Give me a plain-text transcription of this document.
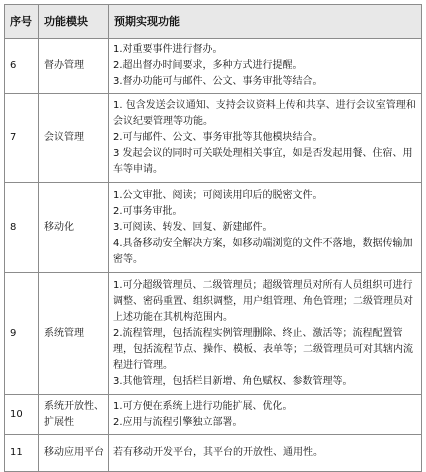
序号	功能模块	预期实现功能
6	督办管理	1.对重要事件进行督办。
2.超出督办时间要求，多种方式进行提醒。
3.督办功能可与邮件、公文、事务审批等结合。

7	会议管理	1. 包含发送会议通知、支持会议资料上传和共享、进行会议室管理和会议纪要管理等功能。
2.可与邮件、公文、事务审批等其他模块结合。
3 发起会议的同时可关联处理相关事宜，如是否发起用餐、住宿、用车等申请。

8	移动化	1.公文审批、阅读；可阅读用印后的脱密文件。
2.可事务审批。
3.可阅读、转发、回复、新建邮件。
4.具备移动安全解决方案，如移动端浏览的文件不落地，数据传输加密等。

9	系统管理	1.可分超级管理员、二级管理员；超级管理员对所有人员组织可进行调整、密码重置、组织调整，用户组管理、角色管理；二级管理员对上述功能在其机构范围内。
2.流程管理，包括流程实例管理删除、终止、激活等；流程配置管理，包括流程节点、操作、模板、表单等；二级管理员可对其辖内流程进行管理。
3.其他管理，包括栏目新增、角色赋权、参数管理等。

10	系统开放性、扩展性	1.可方便在系统上进行功能扩展、优化。
2.应用与流程引擎独立部署。

11	移动应用平台	若有移动开发平台，其平台的开放性、通用性。
